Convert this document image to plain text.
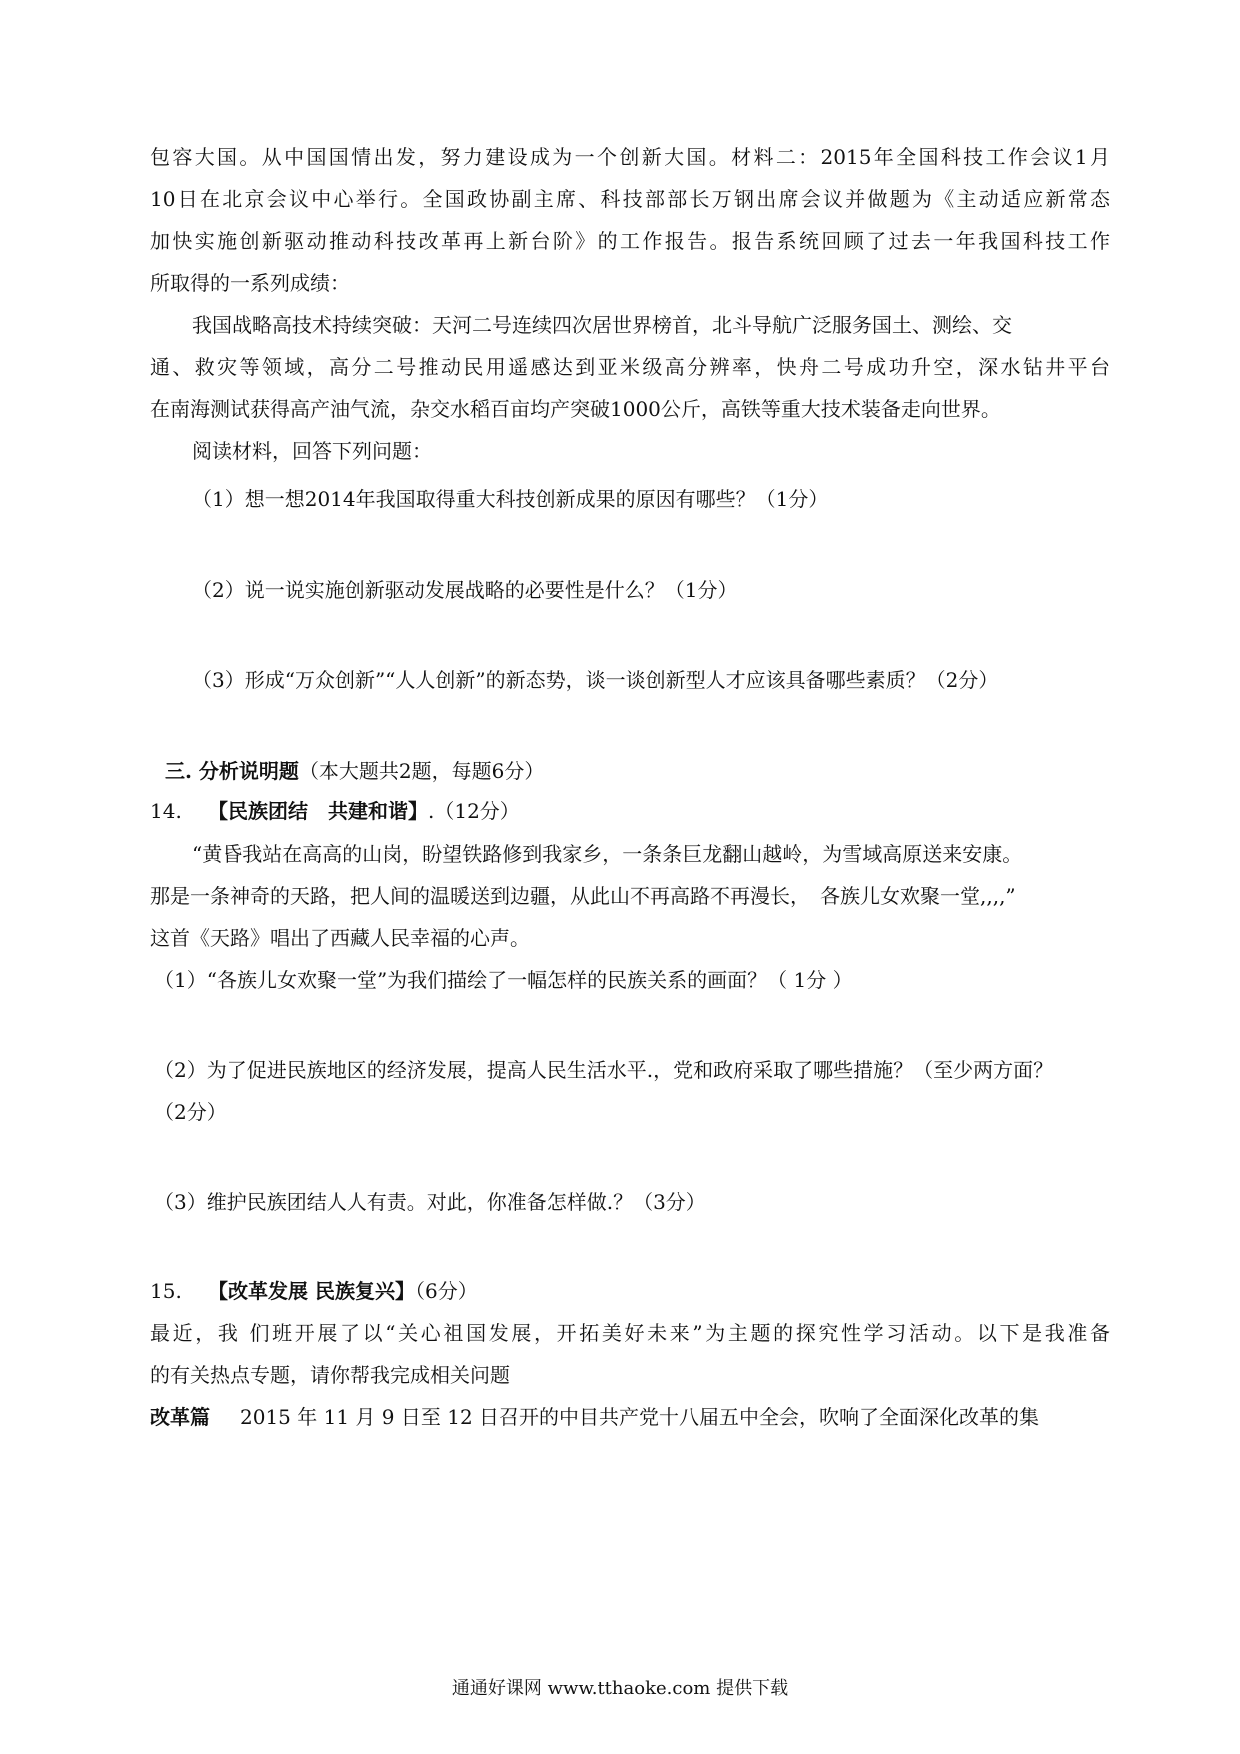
包容大国。从中国国情出发，努力建设成为一个创新大国。材料二：2015年全国科技工作会议1月
10日在北京会议中心举行。全国政协副主席、科技部部长万钢出席会议并做题为《主动适应新常态
加快实施创新驱动推动科技改革再上新台阶》的工作报告。报告系统回顾了过去一年我国科技工作
所取得的一系列成绩：
我国战略高技术持续突破：天河二号连续四次居世界榜首，北斗导航广泛服务国土、测绘、交
通、救灾等领域，高分二号推动民用遥感达到亚米级高分辨率，快舟二号成功升空，深水钻井平台
在南海测试获得高产油气流，杂交水稻百亩均产突破1000公斤，高铁等重大技术装备走向世界。
阅读材料，回答下列问题：
（1）想一想2014年我国取得重大科技创新成果的原因有哪些？（1分）
（2）说一说实施创新驱动发展战略的必要性是什么？（1分）
（3）形成“万众创新”“人人创新”的新态势，谈一谈创新型人才应该具备哪些素质？（2分）
三. 分析说明题（本大题共2题，每题6分）
14. 【民族团结　共建和谐】.（12分）
“黄昏我站在高高的山岗，盼望铁路修到我家乡，一条条巨龙翻山越岭，为雪域高原送来安康。
那是一条神奇的天路，把人间的温暖送到边疆，从此山不再高路不再漫长，　各族儿女欢聚一堂,,,,”
这首《天路》唱出了西藏人民幸福的心声。
（1）“各族儿女欢聚一堂”为我们描绘了一幅怎样的民族关系的画面？（ 1分 ）
（2）为了促进民族地区的经济发展，提高人民生活水平.，党和政府采取了哪些措施？（至少两方面？
（2分）
（3）维护民族团结人人有责。对此，你准备怎样做.？（3分）
15. 【改革发展 民族复兴】（6分）
最近，我 们班开展了以“关心祖国发展，开拓美好未来”为主题的探究性学习活动。以下是我准备
的有关热点专题，请你帮我完成相关问题
改革篇 2015 年 11 月 9 日至 12 日召开的中目共产党十八届五中全会，吹响了全面深化改革的集
通通好课网 www.tthaoke.com 提供下载
